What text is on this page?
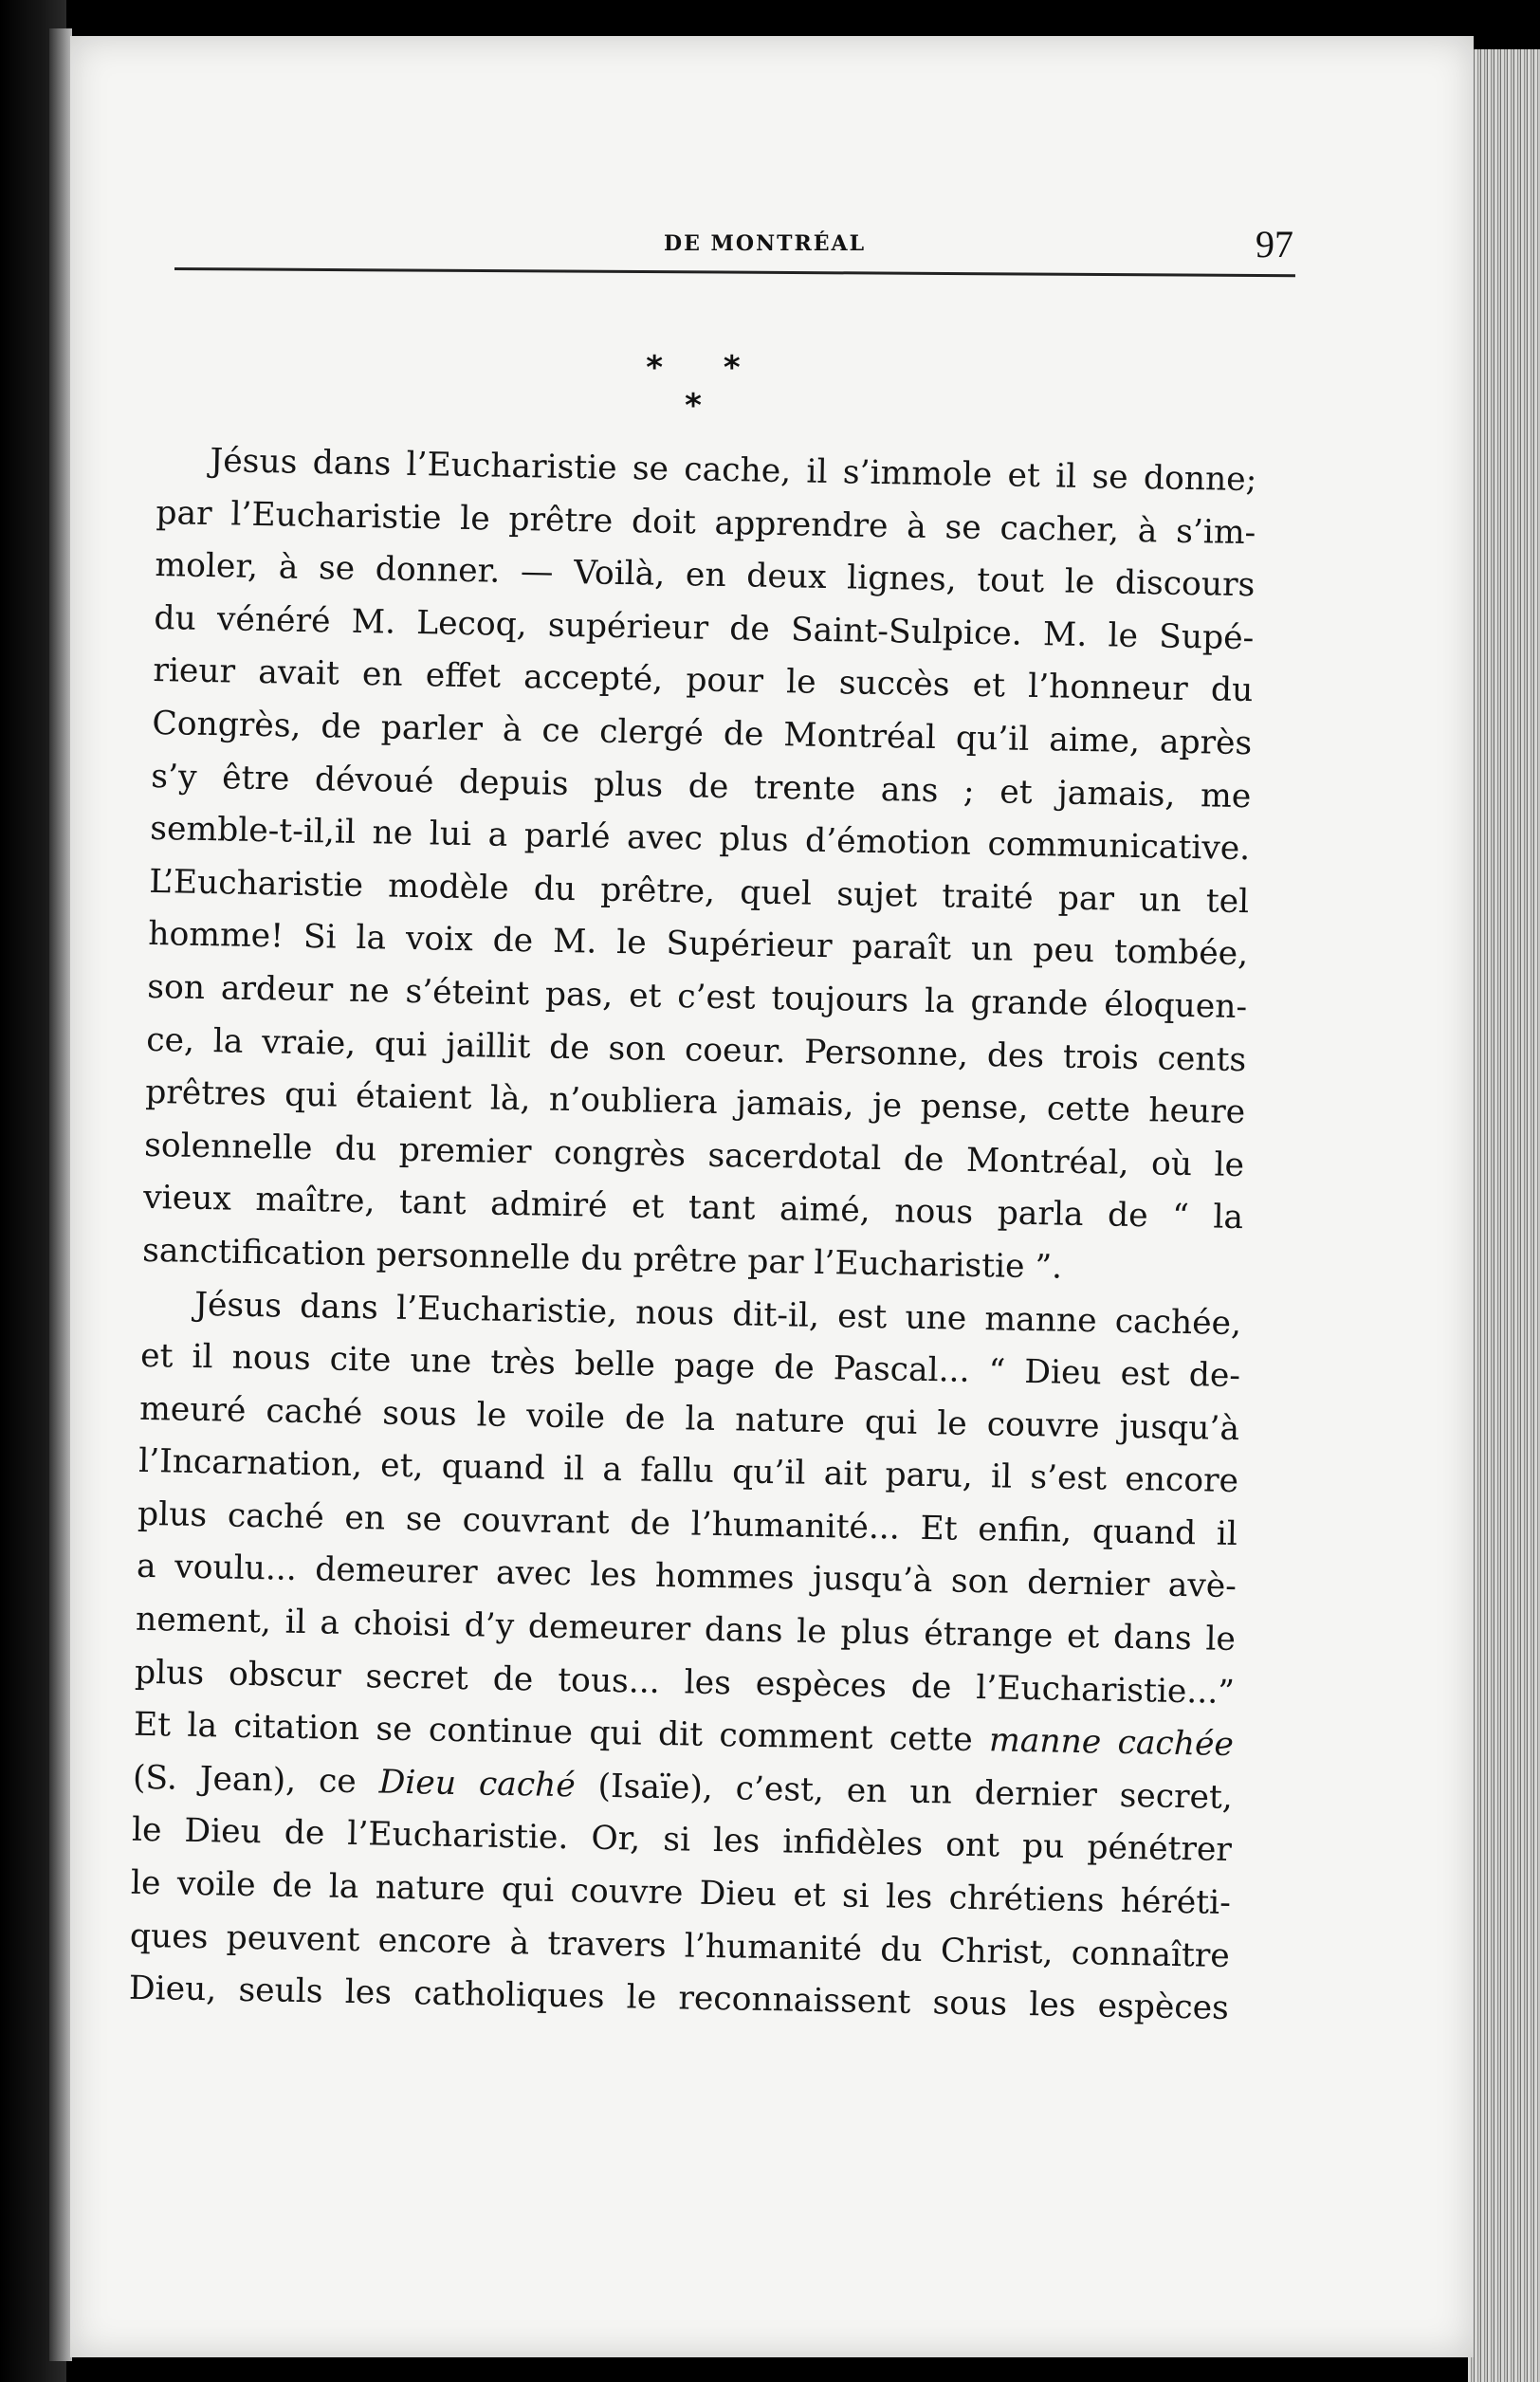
DE MONTRÉAL	97
* * *
Jésus dans l’Eucharistie se cache, il s’immole et il se donne;
par l’Eucharistie le prêtre doit apprendre à se cacher, à s’im-
moler, à se donner. — Voilà, en deux lignes, tout le discours
du vénéré M. Lecoq, supérieur de Saint-Sulpice. M. le Supé-
rieur avait en effet accepté, pour le succès et l’honneur du
Congrès, de parler à ce clergé de Montréal qu’il aime, après
s’y être dévoué depuis plus de trente ans ; et jamais, me
semble-t-il,il ne lui a parlé avec plus d’émotion communicative.
L’Eucharistie modèle du prêtre, quel sujet traité par un tel
homme! Si la voix de M. le Supérieur paraît un peu tombée,
son ardeur ne s’éteint pas, et c’est toujours la grande éloquen-
ce, la vraie, qui jaillit de son coeur. Personne, des trois cents
prêtres qui étaient là, n’oubliera jamais, je pense, cette heure
solennelle du premier congrès sacerdotal de Montréal, où le
vieux maître, tant admiré et tant aimé, nous parla de “ la
sanctification personnelle du prêtre par l’Eucharistie ”.
Jésus dans l’Eucharistie, nous dit-il, est une manne cachée,
et il nous cite une très belle page de Pascal... “ Dieu est de-
meuré caché sous le voile de la nature qui le couvre jusqu’à
l’Incarnation, et, quand il a fallu qu’il ait paru, il s’est encore
plus caché en se couvrant de l’humanité... Et enfin, quand il
a voulu... demeurer avec les hommes jusqu’à son dernier avè-
nement, il a choisi d’y demeurer dans le plus étrange et dans le
plus obscur secret de tous... les espèces de l’Eucharistie...”
Et la citation se continue qui dit comment cette manne cachée
(S. Jean), ce Dieu caché (Isaïe), c’est, en un dernier secret,
le Dieu de l’Eucharistie. Or, si les infidèles ont pu pénétrer
le voile de la nature qui couvre Dieu et si les chrétiens héréti-
ques peuvent encore à travers l’humanité du Christ, connaître
Dieu, seuls les catholiques le reconnaissent sous les espèces
